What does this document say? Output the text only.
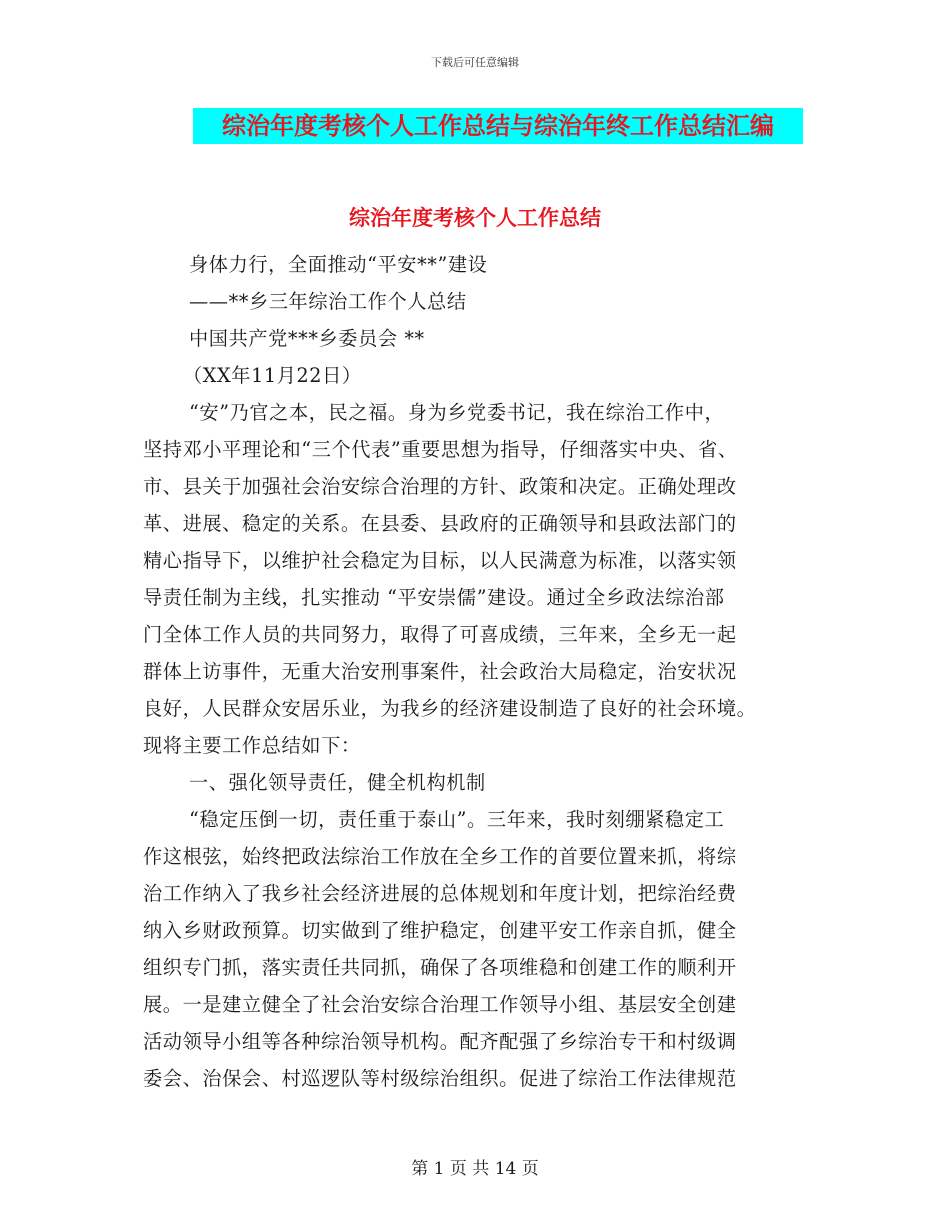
下载后可任意编辑
综治年度考核个人工作总结与综治年终工作总结汇编
综治年度考核个人工作总结
身体力行，全面推动“平安**”建设
——**乡三年综治工作个人总结
中国共产党***乡委员会 **
（XX年11月22日）
“安”乃官之本，民之福。身为乡党委书记，我在综治工作中，
坚持邓小平理论和“三个代表”重要思想为指导，仔细落实中央、省、
市、县关于加强社会治安综合治理的方针、政策和决定。正确处理改
革、进展、稳定的关系。在县委、县政府的正确领导和县政法部门的
精心指导下，以维护社会稳定为目标，以人民满意为标准，以落实领
导责任制为主线，扎实推动 “平安崇儒”建设。通过全乡政法综治部
门全体工作人员的共同努力，取得了可喜成绩，三年来，全乡无一起
群体上访事件，无重大治安刑事案件，社会政治大局稳定，治安状况
良好，人民群众安居乐业，为我乡的经济建设制造了良好的社会环境。
现将主要工作总结如下：
一、强化领导责任，健全机构机制
“稳定压倒一切，责任重于泰山”。三年来，我时刻绷紧稳定工
作这根弦，始终把政法综治工作放在全乡工作的首要位置来抓，将综
治工作纳入了我乡社会经济进展的总体规划和年度计划，把综治经费
纳入乡财政预算。切实做到了维护稳定，创建平安工作亲自抓，健全
组织专门抓，落实责任共同抓，确保了各项维稳和创建工作的顺利开
展。一是建立健全了社会治安综合治理工作领导小组、基层安全创建
活动领导小组等各种综治领导机构。配齐配强了乡综治专干和村级调
委会、治保会、村巡逻队等村级综治组织。促进了综治工作法律规范
第 1 页 共 14 页
